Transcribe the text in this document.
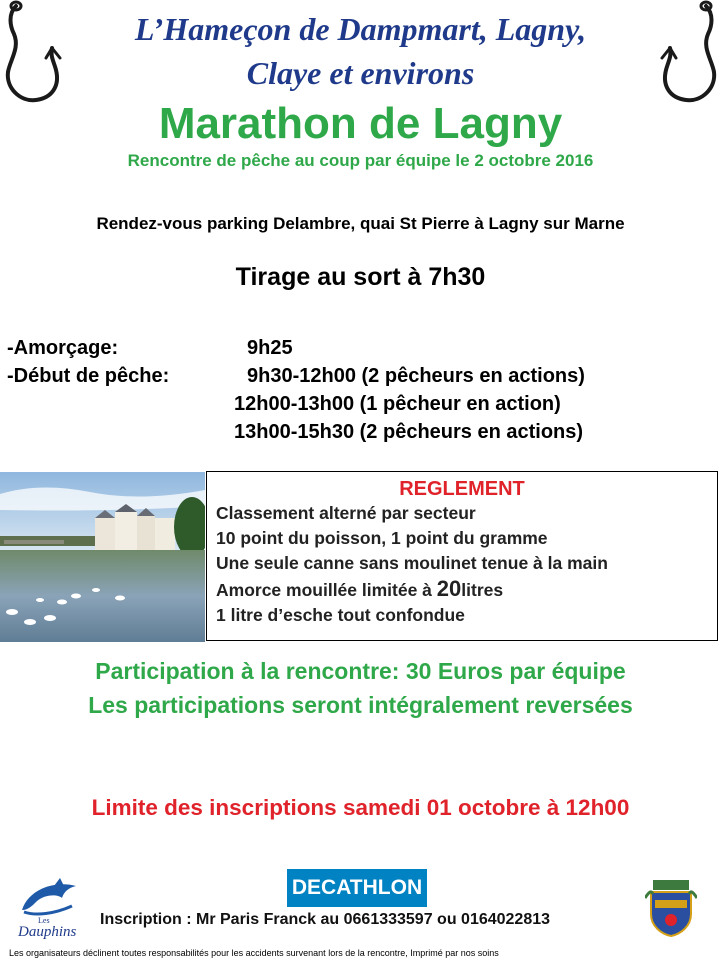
L’Hameçon de Dampmart, Lagny,
Claye et environs
Marathon de Lagny
Rencontre de pêche au coup par équipe le 2 octobre 2016
Rendez-vous parking Delambre, quai St Pierre à Lagny sur Marne
Tirage au sort à 7h30
-Amorçage:	9h25
-Début de pêche:	9h30-12h00 (2 pêcheurs en actions)
12h00-13h00 (1 pêcheur en action)
13h00-15h30 (2 pêcheurs en actions)
REGLEMENT
Classement alterné par secteur
10 point du poisson, 1 point du gramme
Une seule canne sans moulinet tenue à la main
Amorce mouillée limitée à 20litres
1 litre d’esche tout confondue
Participation à la rencontre: 30 Euros par équipe
Les participations seront intégralement reversées
Limite des inscriptions samedi 01 octobre à 12h00
Les
Dauphins
DECATHLON
Inscription : Mr Paris Franck au 0661333597 ou 0164022813
Les organisateurs déclinent toutes responsabilités pour les accidents survenant lors de la rencontre, Imprimé par nos soins
